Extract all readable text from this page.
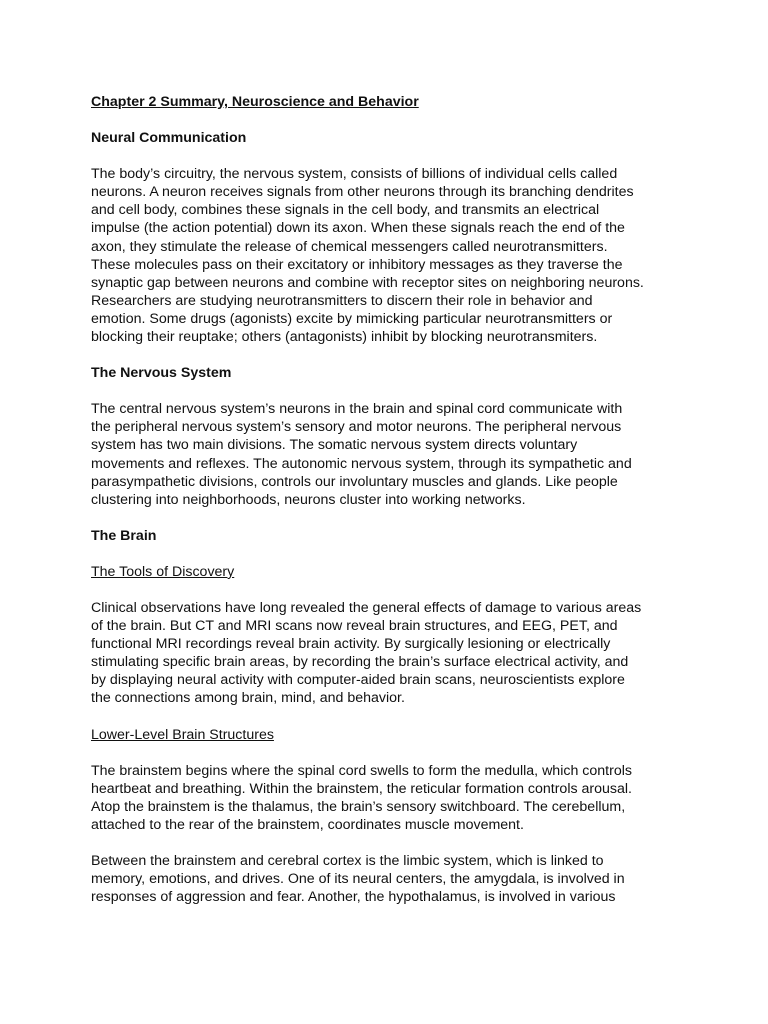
Chapter 2 Summary, Neuroscience and Behavior
Neural Communication
The body’s circuitry, the nervous system, consists of billions of individual cells called
neurons. A neuron receives signals from other neurons through its branching dendrites
and cell body, combines these signals in the cell body, and transmits an electrical
impulse (the action potential) down its axon. When these signals reach the end of the
axon, they stimulate the release of chemical messengers called neurotransmitters.
These molecules pass on their excitatory or inhibitory messages as they traverse the
synaptic gap between neurons and combine with receptor sites on neighboring neurons.
Researchers are studying neurotransmitters to discern their role in behavior and
emotion. Some drugs (agonists) excite by mimicking particular neurotransmitters or
blocking their reuptake; others (antagonists) inhibit by blocking neurotransmiters.
The Nervous System
The central nervous system’s neurons in the brain and spinal cord communicate with
the peripheral nervous system’s sensory and motor neurons. The peripheral nervous
system has two main divisions. The somatic nervous system directs voluntary
movements and reflexes. The autonomic nervous system, through its sympathetic and
parasympathetic divisions, controls our involuntary muscles and glands. Like people
clustering into neighborhoods, neurons cluster into working networks.
The Brain
The Tools of Discovery
Clinical observations have long revealed the general effects of damage to various areas
of the brain. But CT and MRI scans now reveal brain structures, and EEG, PET, and
functional MRI recordings reveal brain activity. By surgically lesioning or electrically
stimulating specific brain areas, by recording the brain’s surface electrical activity, and
by displaying neural activity with computer-aided brain scans, neuroscientists explore
the connections among brain, mind, and behavior.
Lower-Level Brain Structures
The brainstem begins where the spinal cord swells to form the medulla, which controls
heartbeat and breathing. Within the brainstem, the reticular formation controls arousal.
Atop the brainstem is the thalamus, the brain’s sensory switchboard. The cerebellum,
attached to the rear of the brainstem, coordinates muscle movement.
Between the brainstem and cerebral cortex is the limbic system, which is linked to
memory, emotions, and drives. One of its neural centers, the amygdala, is involved in
responses of aggression and fear. Another, the hypothalamus, is involved in various
